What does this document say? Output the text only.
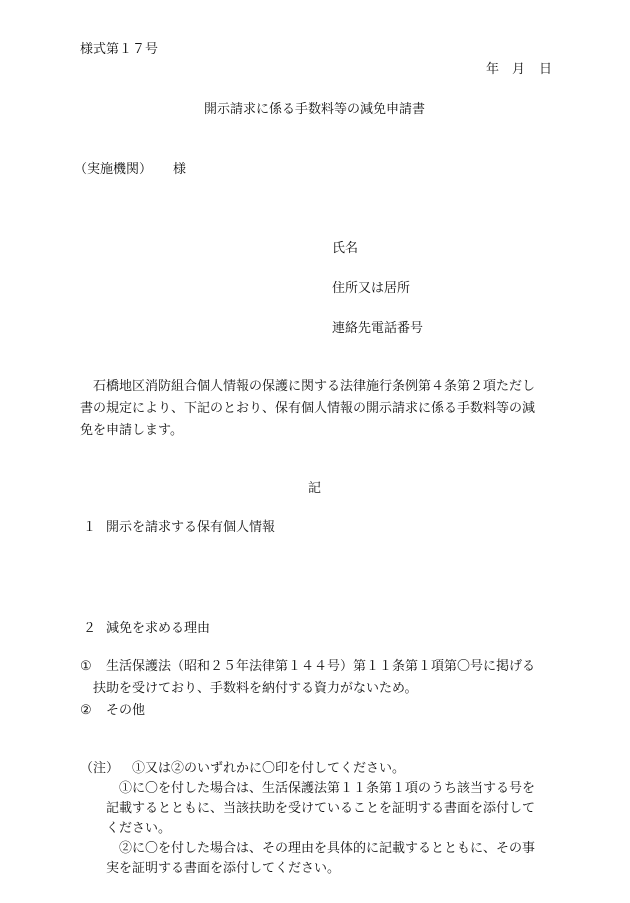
様式第１７号
年 月 日
開示請求に係る手数料等の減免申請書
（実施機関） 様
氏名
住所又は居所
連絡先電話番号
　石橋地区消防組合個人情報の保護に関する法律施行条例第４条第２項ただし
書の規定により、下記のとおり、保有個人情報の開示請求に係る手数料等の減
免を申請します。
記
１ 開示を請求する保有個人情報
２ 減免を求める理由
① 生活保護法（昭和２５年法律第１４４号）第１１条第１項第〇号に掲げる
扶助を受けており、手数料を納付する資力がないため。
② その他
（注） ①又は②のいずれかに〇印を付してください。
①に〇を付した場合は、生活保護法第１１条第１項のうち該当する号を
記載するとともに、当該扶助を受けていることを証明する書面を添付して
ください。
②に〇を付した場合は、その理由を具体的に記載するとともに、その事
実を証明する書面を添付してください。
